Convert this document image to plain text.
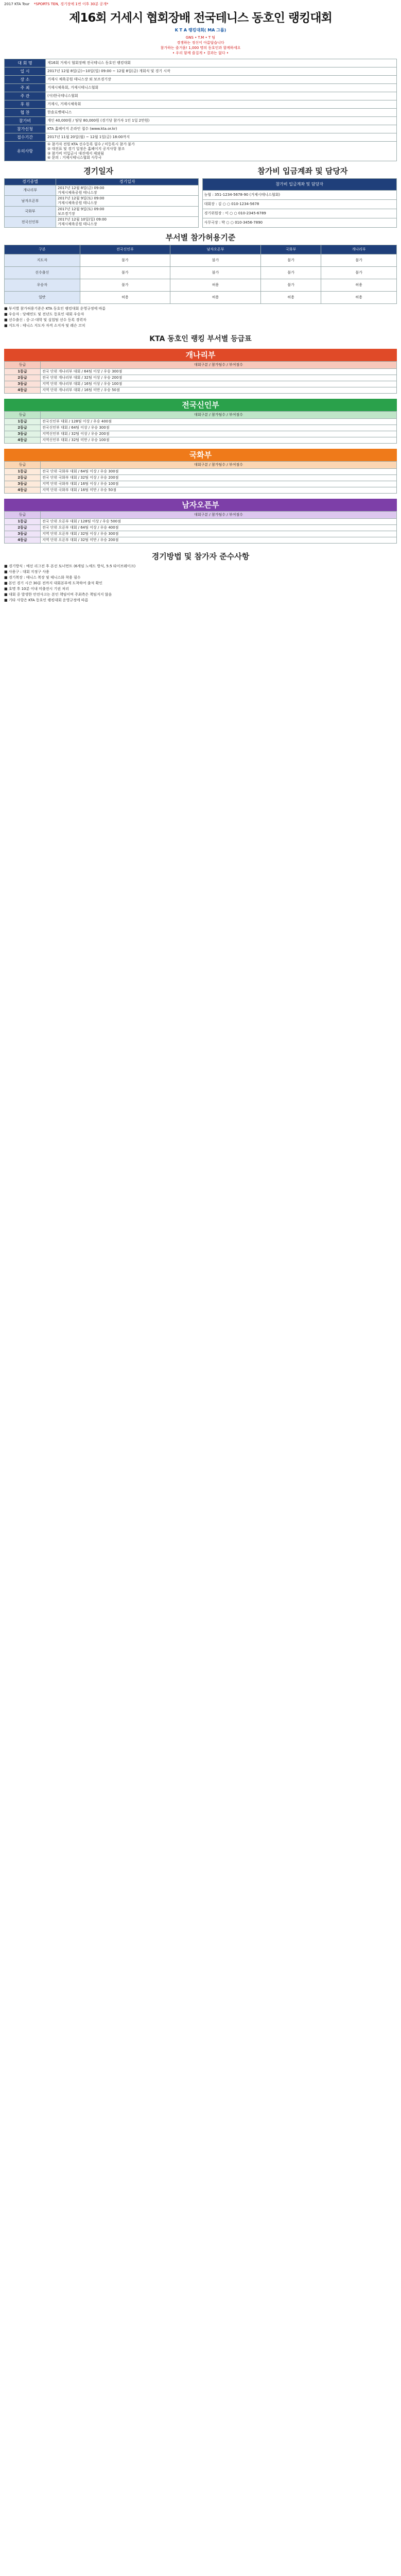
2017 KTA Tour *SPORTS TEN, 경기장에 1번 이후 30분 공개*
제16회 거세시 협회장배 전국테니스 동호인 랭킹대회
K T A 랭킹대회( MA 그룹)
GNS • T.M • T 팀
경쟁하는 정신이 아름답습니다
참가하는 즐거움! 1,000 명의 동호인과 함께하세요
• 우리 함께 즐겁게 • 결과는 없다 •
대 회 명	제16회 거세시 협회장배 전국테니스 동호인 랭킹대회
일 시	2017년 12월 8일(금)~10일(일) 09:00 ~ 12월 8일(금) 개회식 및 경기 시작
장 소	거제시 체육공원 테니스장 외 보조경기장
주 최	거제시체육회, 거제시테니스협회
주 관	(사)한국테니스협회
후 원	거제시, 거제시체육회
협 찬	한솔로뱃테니스
참가비	개인 40,000원 / 팀당 80,000원 (경기당 참가자 1인 1일 2만원)
참가신청	KTA 홈페이지 온라인 접수 (www.kta.or.kr)
접수기간	2017년 11월 20일(월) ~ 12월 1일(금) 18:00까지
유의사항	① 참가자 전원 KTA 선수등록 필수 / 미등록시 참가 불가
② 대진표 및 경기 일정은 홈페이지 공지사항 참조
③ 참가비 미입금시 대진에서 제외됨
④ 문의 : 거제시테니스협회 사무국
경기일자	참가비 입금계좌 및 담당자
경기종별	경기일자
개나리부	2017년 12월 8일(금) 09:00
거제시체육공원 테니스장

남자오픈부	2017년 12월 9일(토) 09:00
거제시체육공원 테니스장

국화부	2017년 12월 9일(토) 09:00
보조경기장

전국신인부	2017년 12월 10일(일) 09:00
거제시체육공원 테니스장
참가비 입금계좌 및 담당자
농협 : 351-1234-5678-90 (거제시테니스협회)
대회장 : 김 ○ ○ 010-1234-5678
경기위원장 : 이 ○ ○ 010-2345-6789
사무국장 : 박 ○ ○ 010-3456-7890
부서별 참가허용기준
구분	전국신인부	남자오픈부	국화부	개나리부
지도자	불가	불가	불가	불가
선수출신	불가	불가	불가	불가
우승자	불가	허용	불가	허용
일반	허용	허용	허용	허용
■ 부서별 참가허용기준은 KTA 동호인 랭킹대회 운영규정에 따름
■ 우승자 : 당해연도 및 전년도 동호인 대회 우승자
■ 선수출신 : 중·고·대학 및 실업팀 선수 등록 경력자
■ 지도자 : 테니스 지도자 자격 소지자 및 레슨 코치
KTA 동호인 랭킹 부서별 등급표
개나리부
등급	대회구분 / 참가팀수 / 부여점수
1등급	전국 단위 개나리부 대회 / 64팀 이상 / 우승 300점
2등급	전국 단위 개나리부 대회 / 32팀 이상 / 우승 200점
3등급	지역 단위 개나리부 대회 / 16팀 이상 / 우승 100점
4등급	지역 단위 개나리부 대회 / 16팀 미만 / 우승 50점
전국신인부
등급	대회구분 / 참가팀수 / 부여점수
1등급	전국신인부 대회 / 128팀 이상 / 우승 400점
2등급	전국신인부 대회 / 64팀 이상 / 우승 300점
3등급	지역신인부 대회 / 32팀 이상 / 우승 200점
4등급	지역신인부 대회 / 32팀 미만 / 우승 100점
국화부
등급	대회구분 / 참가팀수 / 부여점수
1등급	전국 단위 국화부 대회 / 64팀 이상 / 우승 300점
2등급	전국 단위 국화부 대회 / 32팀 이상 / 우승 200점
3등급	지역 단위 국화부 대회 / 16팀 이상 / 우승 100점
4등급	지역 단위 국화부 대회 / 16팀 미만 / 우승 50점
남자오픈부
등급	대회구분 / 참가팀수 / 부여점수
1등급	전국 단위 오픈부 대회 / 128팀 이상 / 우승 500점
2등급	전국 단위 오픈부 대회 / 64팀 이상 / 우승 400점
3등급	지역 단위 오픈부 대회 / 32팀 이상 / 우승 300점
4등급	지역 단위 오픈부 대회 / 32팀 미만 / 우승 200점
경기방법 및 참가자 준수사항
■ 경기방식 : 예선 리그전 후 본선 토너먼트 (6게임 노애드 방식, 5:5 타이브레이크)
■ 사용구 : 대회 지정구 사용
■ 경기복장 : 테니스 복장 및 테니스화 착용 필수
■ 본인 경기 시간 30분 전까지 대회본부에 도착하여 출석 확인
■ 호명 후 10분 이내 미출전시 기권 처리
■ 대회 중 발생한 안전사고는 본인 책임이며 주최측은 책임지지 않음
■ 기타 사항은 KTA 동호인 랭킹대회 운영규정에 따름
